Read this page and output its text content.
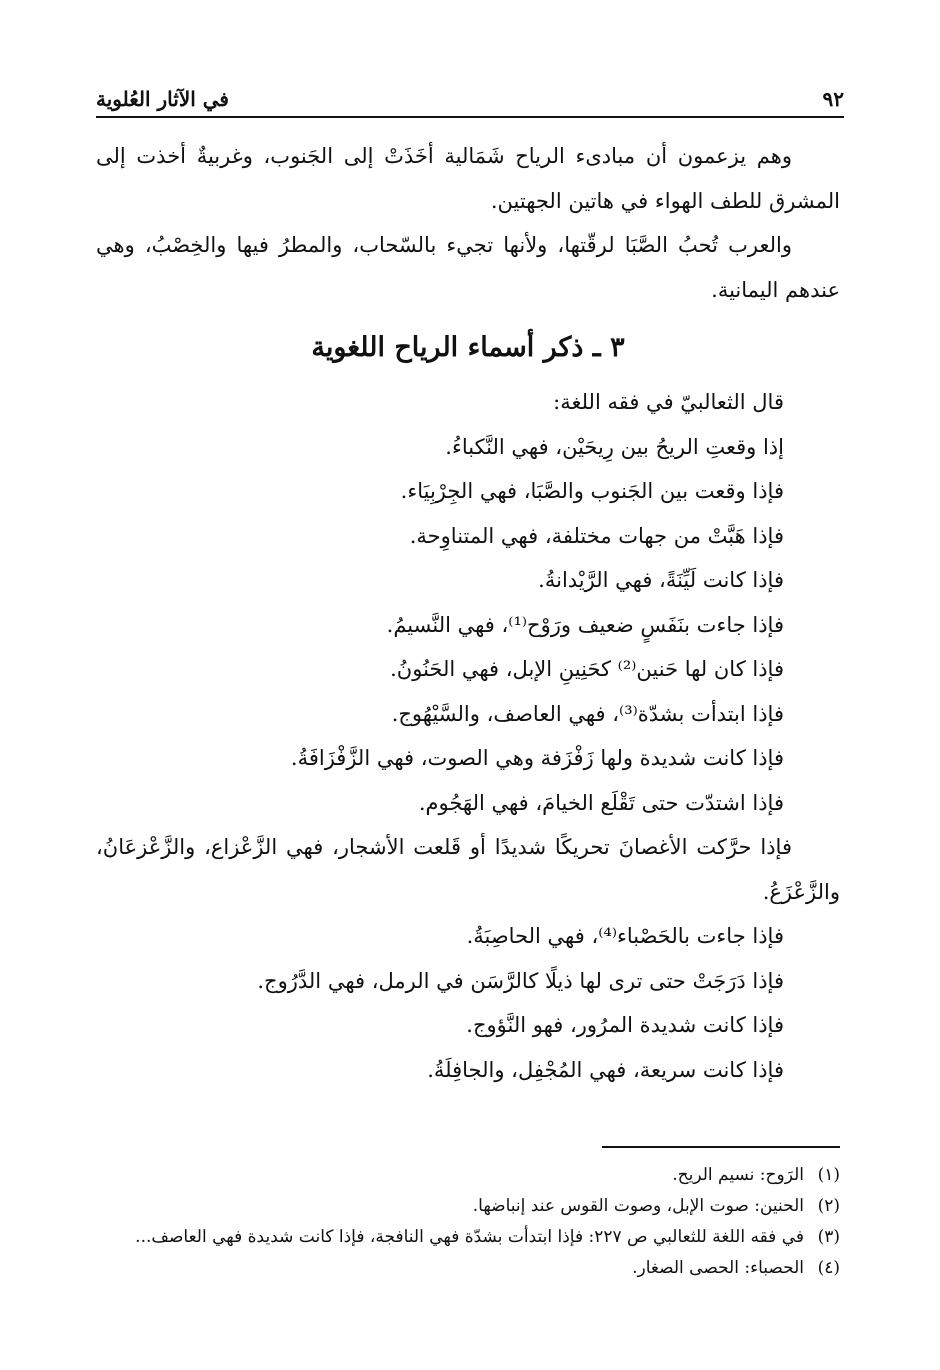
٩٢
في الآثار العُلوية

وهم يزعمون أن مبادىء الرياح شَمَالية أخَذَتْ إلى الجَنوب، وغربيةٌ أخذت إلى المشرق للطف الهواء في هاتين الجهتين.

والعرب تُحبُ الصَّبَا لرقّتها، ولأنها تجيء بالسّحاب، والمطرُ فيها والخِصْبُ، وهي عندهم اليمانية.

٣ ـ ذكر أسماء الرياح اللغوية

قال الثعالبيّ في فقه اللغة:

إذا وقعتِ الريحُ بين رِيحَيْن، فهي النَّكباءُ.

فإذا وقعت بين الجَنوب والصَّبَا، فهي الجِرْبِيَاء.

فإذا هَبَّتْ من جهات مختلفة، فهي المتناوِحة.

فإذا كانت لَيِّنَةً، فهي الرَّيْدانةُ.

فإذا جاءت بنَفَسٍ ضعيف ورَوْح⁽¹⁾، فهي النَّسيمُ.

فإذا كان لها حَنين⁽²⁾ كحَنِينِ الإبل، فهي الحَنُونُ.

فإذا ابتدأت بشدّة⁽³⁾، فهي العاصف، والسَّيْهُوج.

فإذا كانت شديدة ولها زَفْزَفة وهي الصوت، فهي الزَّفْزَافَةُ.

فإذا اشتدّت حتى تَقْلَع الخيامَ، فهي الهَجُوم.

فإذا حرَّكت الأغصانَ تحريكًا شديدًا أو قَلعت الأشجار، فهي الزَّعْزاع، والزَّعْزعَانُ، والزَّعْزَعُ.

فإذا جاءت بالحَصْباء⁽⁴⁾، فهي الحاصِبَةُ.

فإذا دَرَجَتْ حتى ترى لها ذيلًا كالرَّسَن في الرمل، فهي الدَّرُوج.

فإذا كانت شديدة المرُور، فهو النَّؤوج.

فإذا كانت سريعة، فهي المُجْفِل، والجافِلَةُ.

(١)
الرَوح: نسيم الريح.

(٢)
الحنين: صوت الإبل، وصوت القوس عند إنباضها.

(٣)
في فقه اللغة للثعالبي ص ٢٢٧: فإذا ابتدأت بشدّة فهي النافجة، فإذا كانت شديدة فهي العاصف...

(٤)
الحصباء: الحصى الصغار.
